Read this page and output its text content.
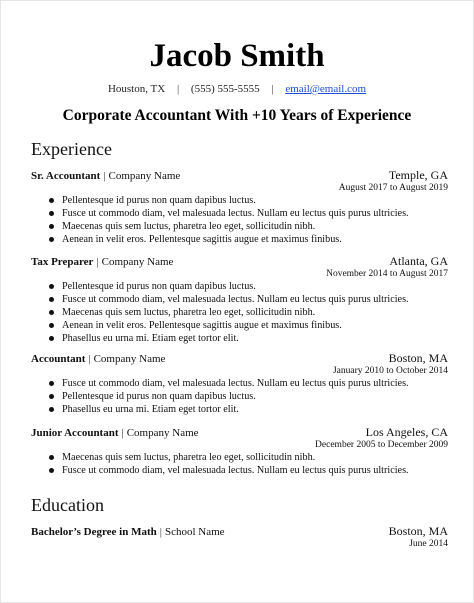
Jacob Smith
Houston, TX | (555) 555-5555 | email@email.com
Corporate Accountant With +10 Years of Experience
Experience
Sr. Accountant | Company Name	Temple, GA
August 2017 to August 2019
Pellentesque id purus non quam dapibus luctus.
Fusce ut commodo diam, vel malesuada lectus. Nullam eu lectus quis purus ultricies.
Maecenas quis sem luctus, pharetra leo eget, sollicitudin nibh.
Aenean in velit eros. Pellentesque sagittis augue et maximus finibus.
Tax Preparer | Company Name	Atlanta, GA
November 2014 to August 2017
Pellentesque id purus non quam dapibus luctus.
Fusce ut commodo diam, vel malesuada lectus. Nullam eu lectus quis purus ultricies.
Maecenas quis sem luctus, pharetra leo eget, sollicitudin nibh.
Aenean in velit eros. Pellentesque sagittis augue et maximus finibus.
Phasellus eu urna mi. Etiam eget tortor elit.
Accountant | Company Name	Boston, MA
January 2010 to October 2014
Fusce ut commodo diam, vel malesuada lectus. Nullam eu lectus quis purus ultricies.
Pellentesque id purus non quam dapibus luctus.
Phasellus eu urna mi. Etiam eget tortor elit.
Junior Accountant | Company Name	Los Angeles, CA
December 2005 to December 2009
Maecenas quis sem luctus, pharetra leo eget, sollicitudin nibh.
Fusce ut commodo diam, vel malesuada lectus. Nullam eu lectus quis purus ultricies.
Education
Bachelor’s Degree in Math | School Name	Boston, MA
June 2014
